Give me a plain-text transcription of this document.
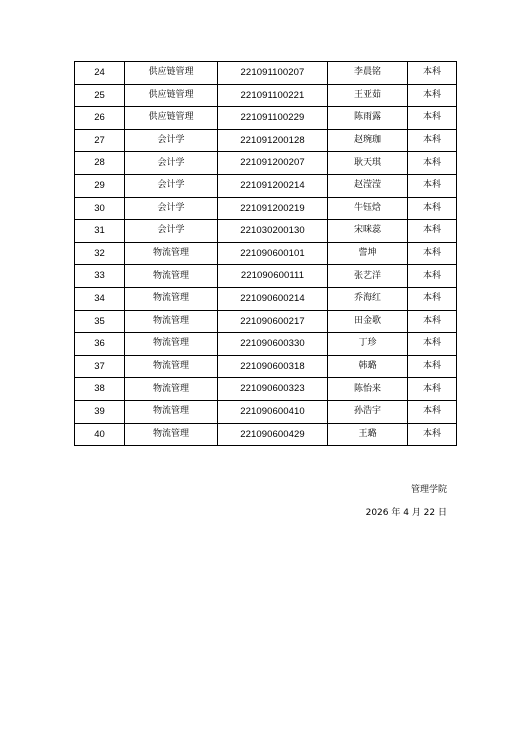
24	供应链管理	221091100207	李晨铭	本科
25	供应链管理	221091100221	王亚茹	本科
26	供应链管理	221091100229	陈雨露	本科
27	会计学	221091200128	赵琬珈	本科
28	会计学	221091200207	耿天琪	本科
29	会计学	221091200214	赵滢滢	本科
30	会计学	221091200219	牛钰焓	本科
31	会计学	221030200130	宋咪蕊	本科
32	物流管理	221090600101	訾坤	本科
33	物流管理	221090600111	张艺洋	本科
34	物流管理	221090600214	乔海红	本科
35	物流管理	221090600217	田金歌	本科
36	物流管理	221090600330	丁珍	本科
37	物流管理	221090600318	韩璐	本科
38	物流管理	221090600323	陈怡来	本科
39	物流管理	221090600410	孙浩宇	本科
40	物流管理	221090600429	王璐	本科
管理学院
2026 年 4 月 22 日
